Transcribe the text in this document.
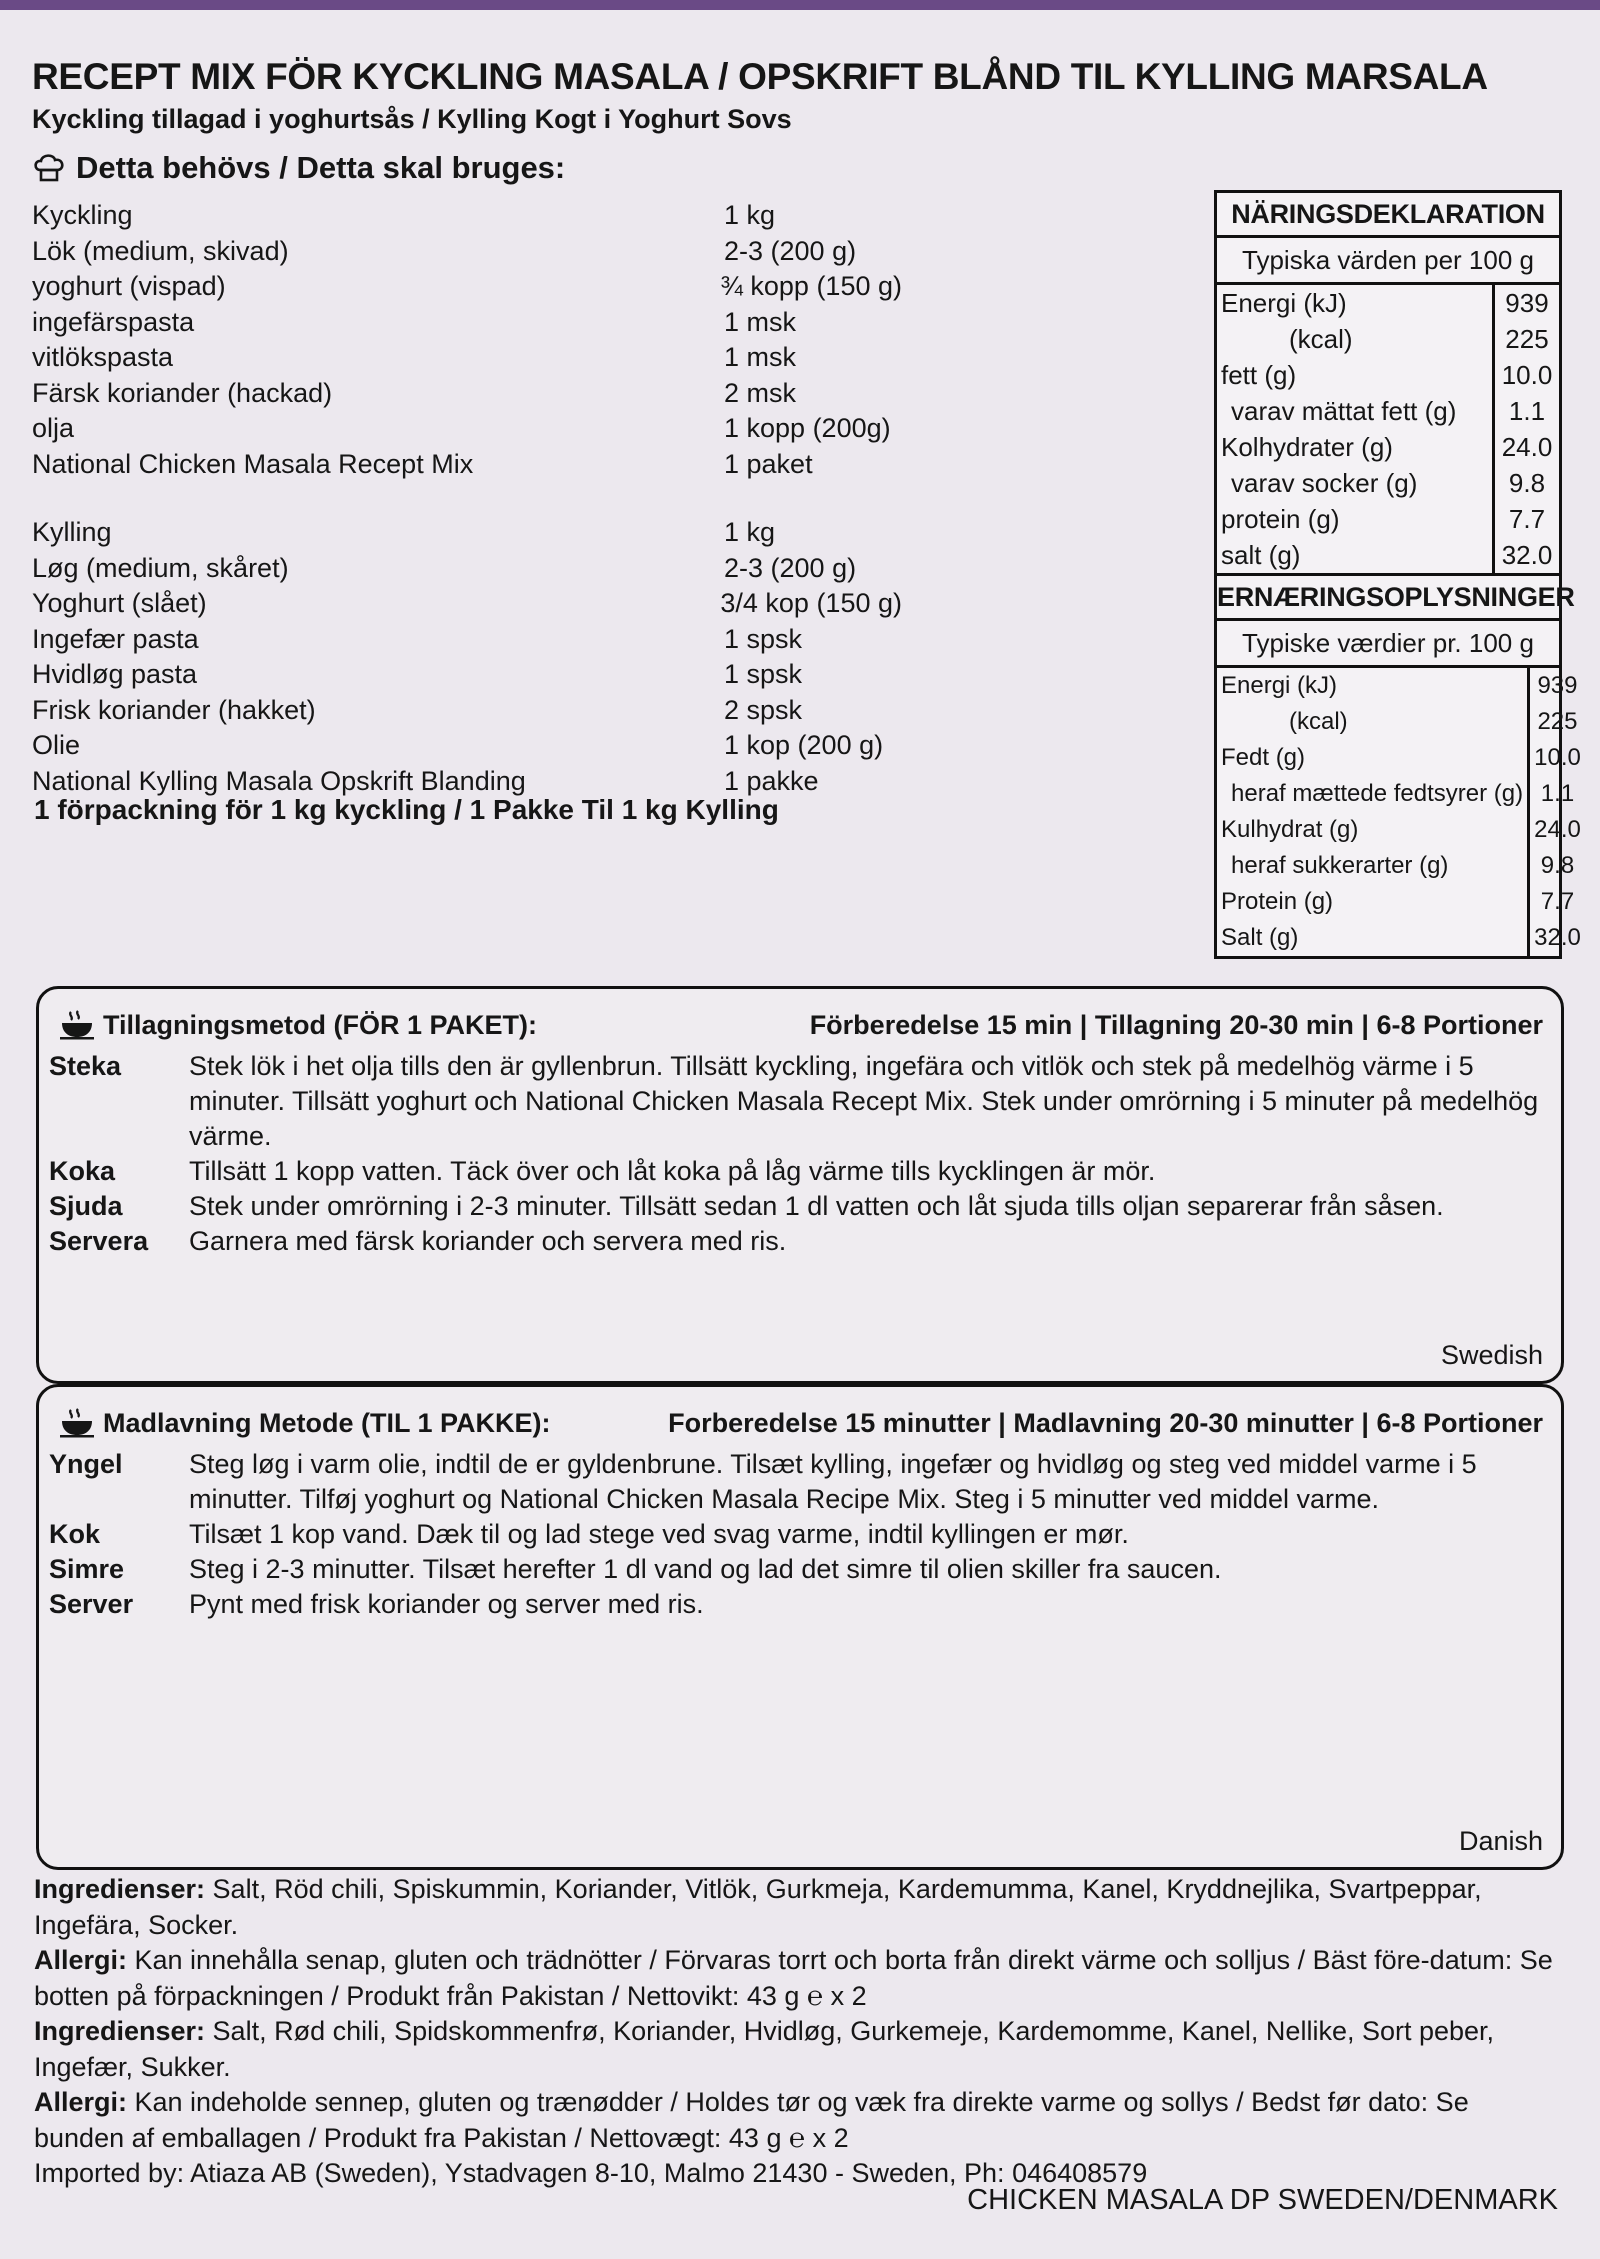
RECEPT MIX FÖR KYCKLING MASALA / OPSKRIFT BLÅND TIL KYLLING MARSALA
Kyckling tillagad i yoghurtsås / Kylling Kogt i Yoghurt Sovs
Detta behövs / Detta skal bruges:
Kyckling	1 kg
Lök (medium, skivad)	2-3 (200 g)
yoghurt (vispad)	¾ kopp (150 g)
ingefärspasta	1 msk
vitlökspasta	1 msk
Färsk koriander (hackad)	2 msk
olja	1 kopp (200g)
National Chicken Masala Recept Mix	1 paket
Kylling	1 kg
Løg (medium, skåret)	2-3 (200 g)
Yoghurt (slået)	3/4 kop (150 g)
Ingefær pasta	1 spsk
Hvidløg pasta	1 spsk
Frisk koriander (hakket)	2 spsk
Olie	1 kop (200 g)
National Kylling Masala Opskrift Blanding	1 pakke
1 förpackning för 1 kg kyckling / 1 Pakke Til 1 kg Kylling
NÄRINGSDEKLARATION
Typiska värden per 100 g
Energi (kJ)	939
(kcal)	225
fett (g)	10.0
varav mättat fett (g)	1.1
Kolhydrater (g)	24.0
varav socker (g)	9.8
protein (g)	7.7
salt (g)	32.0
ERNÆRINGSOPLYSNINGER
Typiske værdier pr. 100 g
Energi (kJ)	939
(kcal)	225
Fedt (g)	10.0
heraf mættede fedtsyrer (g)	1.1
Kulhydrat (g)	24.0
heraf sukkerarter (g)	9.8
Protein (g)	7.7
Salt (g)	32.0
Tillagningsmetod (FÖR 1 PAKET):	Förberedelse 15 min | Tillagning 20-30 min | 6-8 Portioner
Steka	Stek lök i het olja tills den är gyllenbrun. Tillsätt kyckling, ingefära och vitlök och stek på medelhög värme i 5 minuter. Tillsätt yoghurt och National Chicken Masala Recept Mix. Stek under omrörning i 5 minuter på medelhög värme.
Koka	Tillsätt 1 kopp vatten. Täck över och låt koka på låg värme tills kycklingen är mör.
Sjuda	Stek under omrörning i 2-3 minuter. Tillsätt sedan 1 dl vatten och låt sjuda tills oljan separerar från såsen.
Servera	Garnera med färsk koriander och servera med ris.
Swedish
Madlavning Metode (TIL 1 PAKKE):	Forberedelse 15 minutter | Madlavning 20-30 minutter | 6-8 Portioner
Yngel	Steg løg i varm olie, indtil de er gyldenbrune. Tilsæt kylling, ingefær og hvidløg og steg ved middel varme i 5 minutter. Tilføj yoghurt og National Chicken Masala Recipe Mix. Steg i 5 minutter ved middel varme.
Kok	Tilsæt 1 kop vand. Dæk til og lad stege ved svag varme, indtil kyllingen er mør.
Simre	Steg i 2-3 minutter. Tilsæt herefter 1 dl vand og lad det simre til olien skiller fra saucen.
Server	Pynt med frisk koriander og server med ris.
Danish

Ingredienser: Salt, Röd chili, Spiskummin, Koriander, Vitlök, Gurkmeja, Kardemumma, Kanel, Kryddnejlika, Svartpeppar, Ingefära, Socker.

Allergi: Kan innehålla senap, gluten och trädnötter / Förvaras torrt och borta från direkt värme och solljus / Bäst före-datum: Se botten på förpackningen / Produkt från Pakistan / Nettovikt: 43 g ℮ x 2

Ingredienser: Salt, Rød chili, Spidskommenfrø, Koriander, Hvidløg, Gurkemeje, Kardemomme, Kanel, Nellike, Sort peber, Ingefær, Sukker.

Allergi: Kan indeholde sennep, gluten og trænødder / Holdes tør og væk fra direkte varme og sollys / Bedst før dato: Se bunden af emballagen / Produkt fra Pakistan / Nettovægt: 43 g ℮ x 2

Imported by: Atiaza AB (Sweden), Ystadvagen 8-10, Malmo 21430 - Sweden, Ph: 046408579

CHICKEN MASALA DP SWEDEN/DENMARK
